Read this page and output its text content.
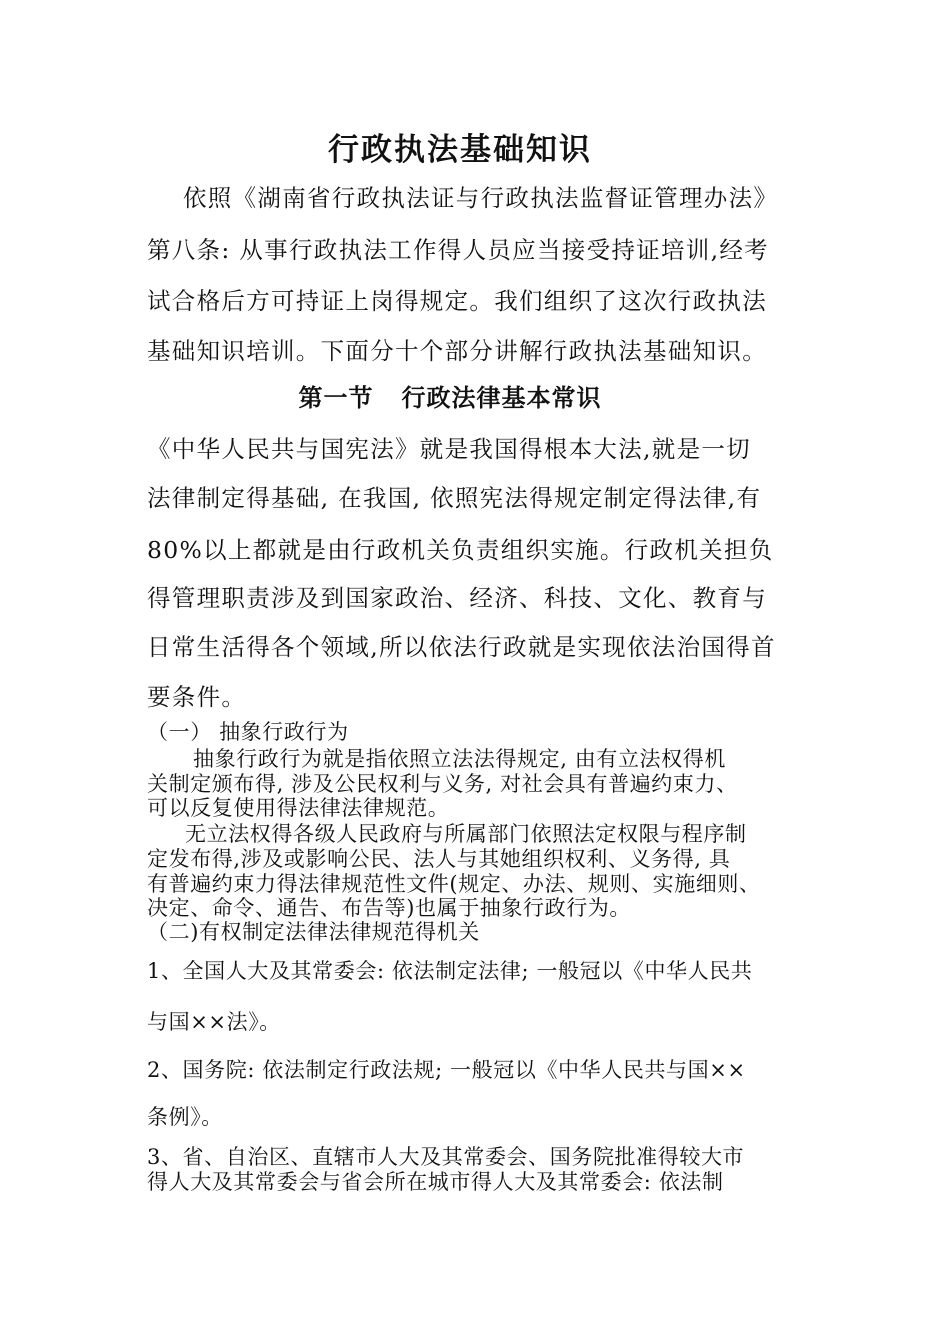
行政执法基础知识
依照《湖南省行政执法证与行政执法监督证管理办法》
第八条: 从事行政执法工作得人员应当接受持证培训,经考
试合格后方可持证上岗得规定。我们组织了这次行政执法
基础知识培训。下面分十个部分讲解行政执法基础知识。
第一节   行政法律基本常识
《中华人民共与国宪法》就是我国得根本大法,就是一切
法律制定得基础, 在我国, 依照宪法得规定制定得法律,有
80%以上都就是由行政机关负责组织实施。行政机关担负
得管理职责涉及到国家政治、经济、科技、文化、教育与
日常生活得各个领域,所以依法行政就是实现依法治国得首
要条件。
（一） 抽象行政行为
抽象行政行为就是指依照立法法得规定, 由有立法权得机
关制定颁布得, 涉及公民权利与义务, 对社会具有普遍约束力、
可以反复使用得法律法律规范。
无立法权得各级人民政府与所属部门依照法定权限与程序制
定发布得,涉及或影响公民、法人与其她组织权利、义务得, 具
有普遍约束力得法律规范性文件(规定、办法、规则、实施细则、
决定、命令、通告、布告等)也属于抽象行政行为。
（二)有权制定法律法律规范得机关
1、全国人大及其常委会: 依法制定法律; 一般冠以《中华人民共
与国××法》。
2、国务院: 依法制定行政法规; 一般冠以《中华人民共与国××
条例》。
3、省、自治区、直辖市人大及其常委会、国务院批准得较大市
得人大及其常委会与省会所在城市得人大及其常委会: 依法制
